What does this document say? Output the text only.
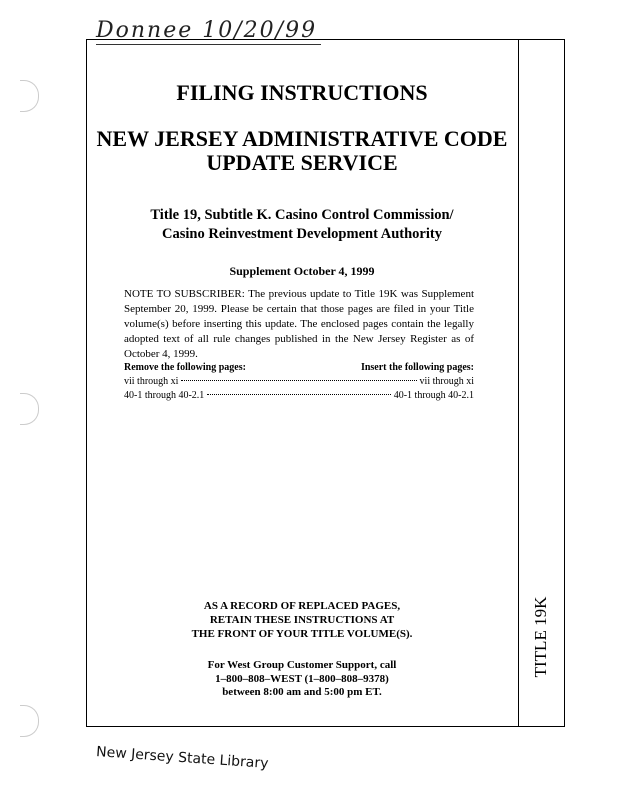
Donnee 10/20/99
FILING INSTRUCTIONS
NEW JERSEY ADMINISTRATIVE CODE
UPDATE SERVICE
Title 19, Subtitle K. Casino Control Commission/
Casino Reinvestment Development Authority
Supplement October 4, 1999
NOTE TO SUBSCRIBER: The previous update to Title 19K was Supplement September 20, 1999. Please be certain that those pages are filed in your Title volume(s) before inserting this update. The enclosed pages contain the legally adopted text of all rule changes published in the New Jersey Register as of October 4, 1999.
Remove the following pages:	Insert the following pages:
vii through xi	vii through xi
40-1 through 40-2.1	40-1 through 40-2.1
AS A RECORD OF REPLACED PAGES,
RETAIN THESE INSTRUCTIONS AT
THE FRONT OF YOUR TITLE VOLUME(S).
For West Group Customer Support, call
1–800–808–WEST (1–800–808–9378)
between 8:00 am and 5:00 pm ET.
TITLE 19K
New Jersey State Library
